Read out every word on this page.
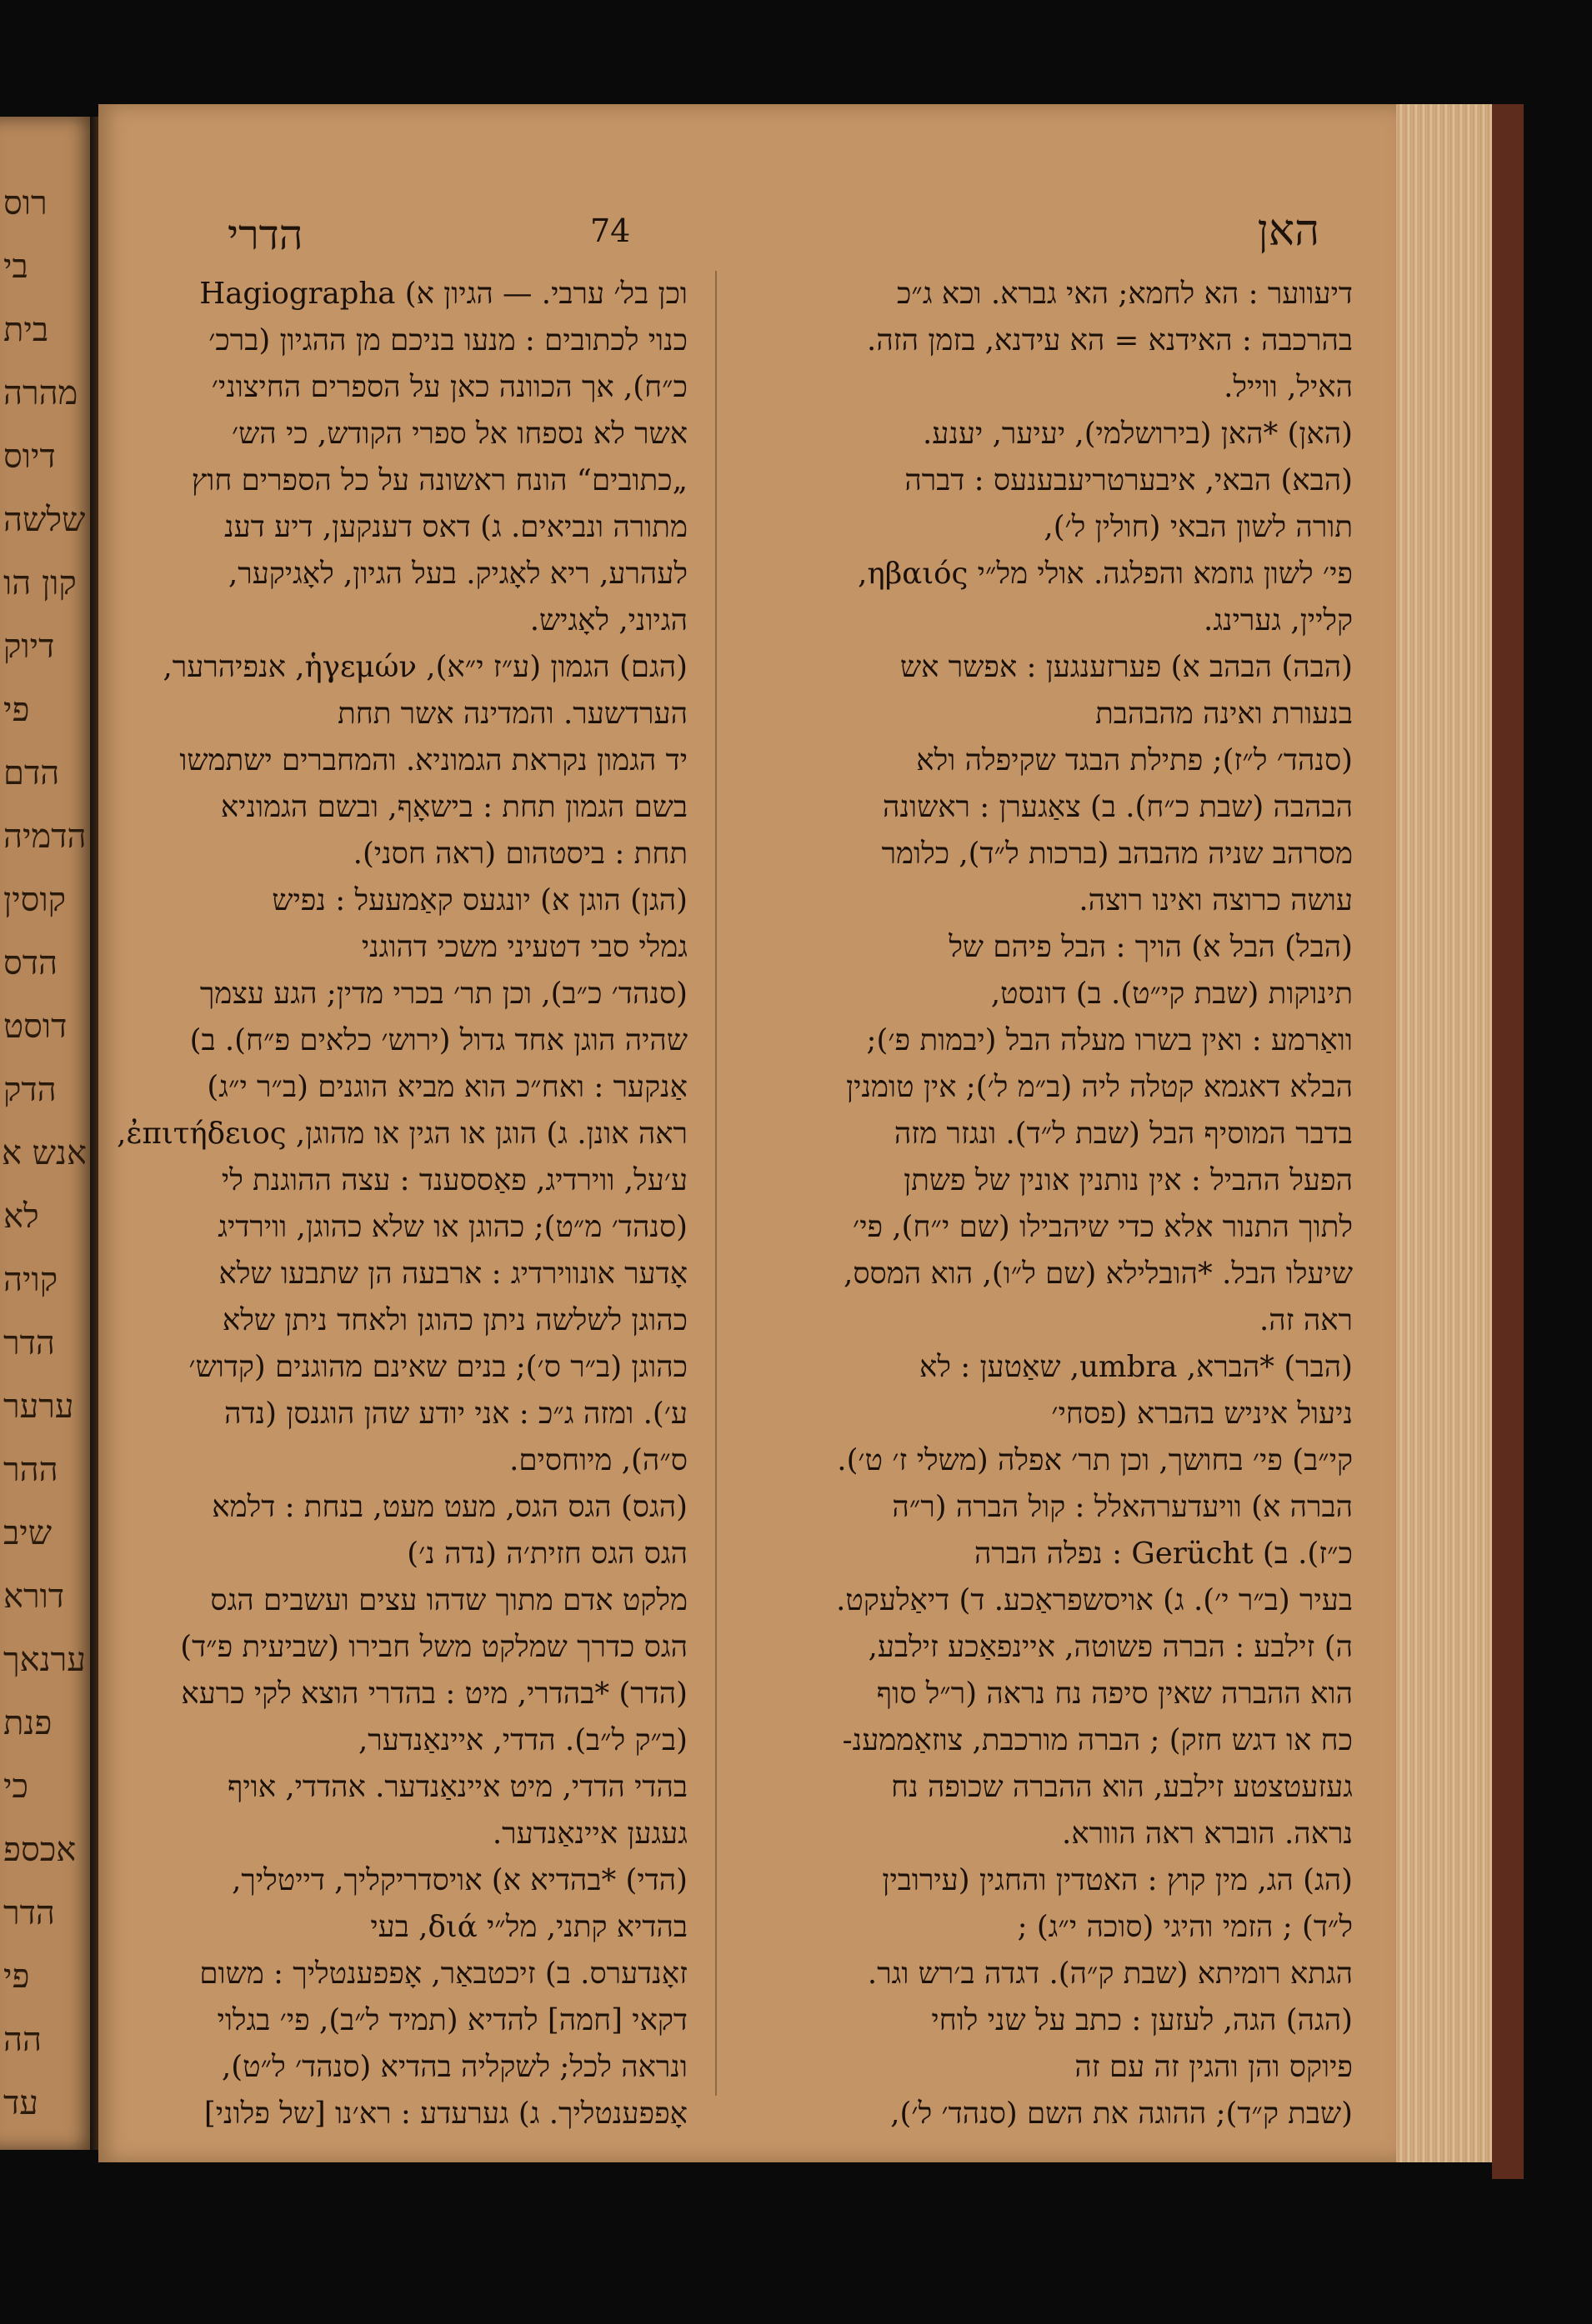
רוס
בי
בית
מהרה
דיוס
שלשה
קון הו
דיוק
פי
הדם
הדמיה
קוסין
הדס
דוסט
הדק
אנש א
לא
קויה
הדר
ערער
ההר
שיב
דורא
ערנאך
פנת
כי
אכספ
הדר
פי
הה
עד
האן
74
הדרי
דיעווער : הא לחמא; האי גברא. וכא ג״כ
בהרכבה : האידנא = הא עידנא, בזמן הזה.
האיל, ווייל.
(האן) *האן (בירושלמי), יעיער, יענע.
(הבא) הבאי, איבערטריעבענעס : דברה
תורה לשון הבאי (חולין ל׳),
פי׳ לשון גוזמא והפלגה. אולי מל״י ηβαιός,
קליין, גערינג.
(הבה) הבהב א) פערזענגען : אפשר אש
בנעורת ואינה מהבהבת
(סנהד׳ ל״ז); פתילת הבגד שקיפלה ולא
הבהבה (שבת כ״ח). ב) צאַגערן : ראשונה
מסרהב שניה מהבהב (ברכות ל״ד), כלומר
עושה כרוצה ואינו רוצה.
(הבל) הבל א) הויך : הבל פיהם של
תינוקות (שבת קי״ט). ב) דונסט,
וואַרמע : ואין בשרו מעלה הבל (יבמות פ׳);
הבלא דאגמא קטלה ליה (ב״מ ל׳); אין טומנין
בדבר המוסיף הבל (שבת ל״ד). ונגזר מזה
הפעל ההביל : אין נותנין אונין של פשתן
לתוך התנור אלא כדי שיהבילו (שם י״ח), פי׳
שיעלו הבל. *הובלילא (שם ל״ו), הוא המסס,
ראה זה.
(הבר) *הברא, umbra, שאַטען : לא
ניעול איניש בהברא (פסחי׳
קי״ב) פי׳ בחושך, וכן תר׳ אפלה (משלי ז׳ ט׳).
הברה א) וויעדערהאלל : קול הברה (ר״ה
כ״ז). ב) Gerücht : נפלה הברה
בעיר (ב״ר י׳). ג) אויסשפראַכע. ד) דיאַלעקט.
ה) זילבע : הברה פשוטה, איינפאַכע זילבע,
הוא ההברה שאין סיפה נח נראה (ר״ל סוף
כח או דגש חזק) ; הברה מורכבת, צוזאַממענ-
געזעטצטע זילבע, הוא ההברה שכופה נח
נראה. הוברא ראה הוורא.
(הג) הג, מין קוץ : האטדין והחגין (עירובין
ל״ד) ; הזמי והיגי (סוכה י״ג) ;
הגתא רומיתא (שבת ק״ה). דגדה ב׳רש וגר.
(הגה) הגה, לעזען : כתב על שני לוחי
פיוקס והן והגין זה עם זה
(שבת ק״ד); ההוגה את השם (סנהד׳ ל׳),
וכן בל׳ ערבי. — הגיון א) Hagiographa
כנוי לכתובים : מנעו בניכם מן ההגיון (ברכ׳
כ״ח), אך הכוונה כאן על הספרים החיצוני׳
אשר לא נספחו אל ספרי הקודש, כי הש׳
„כתובים“ הונח ראשונה על כל הספרים חוץ
מתורה ונביאים. ג) דאס דענקען, דיע דענ
לעהרע, ריא לאָגיק. בעל הגיון, לאָגיקער,
הגיוני, לאָגיש.
(הגם) הגמון (ע״ז י״א), ἡγεμών, אנפיהרער,
הערדשער. והמדינה אשר תחת
יד הגמון נקראת הגמוניא. והמחברים ישתמשו
בשם הגמון תחת : בישאָף, ובשם הגמוניא
תחת : ביסטהום (ראה חסני).
(הגן) הוגן א) יונגעס קאַמעעל : נפיש
גמלי סבי דטעיני משכי דהוגני
(סנהד׳ כ״ב), וכן תר׳ בכרי מדין; הגע עצמך
שהיה הוגן אחד גדול (ירוש׳ כלאים פ״ח). ב)
אַנקער : ואח״כ הוא מביא הוגנים (ב״ר י״ג)
ראה אונן. ג) הוגן או הגין או מהוגן, ἐπιτήδειος,
ע׳על, ווירדיג, פאַססענד : עצה ההוגנת לי
(סנהד׳ מ״ט); כהוגן או שלא כהוגן, ווירדיג
אָדער אונווירדיג : ארבעה הן שתבעו שלא
כהוגן לשלשה ניתן כהוגן ולאחד ניתן שלא
כהוגן (ב״ר ס׳); בנים שאינם מהוגנים (קדוש׳
ע׳). ומזה ג״כ : אני יודע שהן הוגנסן (נדה
ס״ה), מיוחסים.
(הגס) הגס הגס, מעט מעט, בנחת : דלמא
הגס הגס חזית׳ה (נדה נ׳)
מלקט אדם מתוך שדהו עצים ועשבים הגס
הגס כדרך שמלקט משל חבירו (שביעית פ״ד)
(הדר) *בהדרי, מיט : בהדרי הוצא לקי כרעא
(ב״ק ל״ב). הדדי, איינאַנדער,
בהדי הדדי, מיט איינאַנדער. אהדדי, אויף
געגען איינאַנדער.
(הדי) *בהדיא א) אויסדריקליך, דייטליך,
בהדיא קתני, מל״י διά, בעי
זאָנדערס. ב) זיכטבאַר, אָפפענטליך : משום
דקאי [חמה] להדיא (תמיד ל״ב), פי׳ בגלוי
ונראה לכל; לשקליה בהדיא (סנהד׳ ל״ט),
אָפפענטליך. ג) גערעדע : רא׳נו [של פלוני]
